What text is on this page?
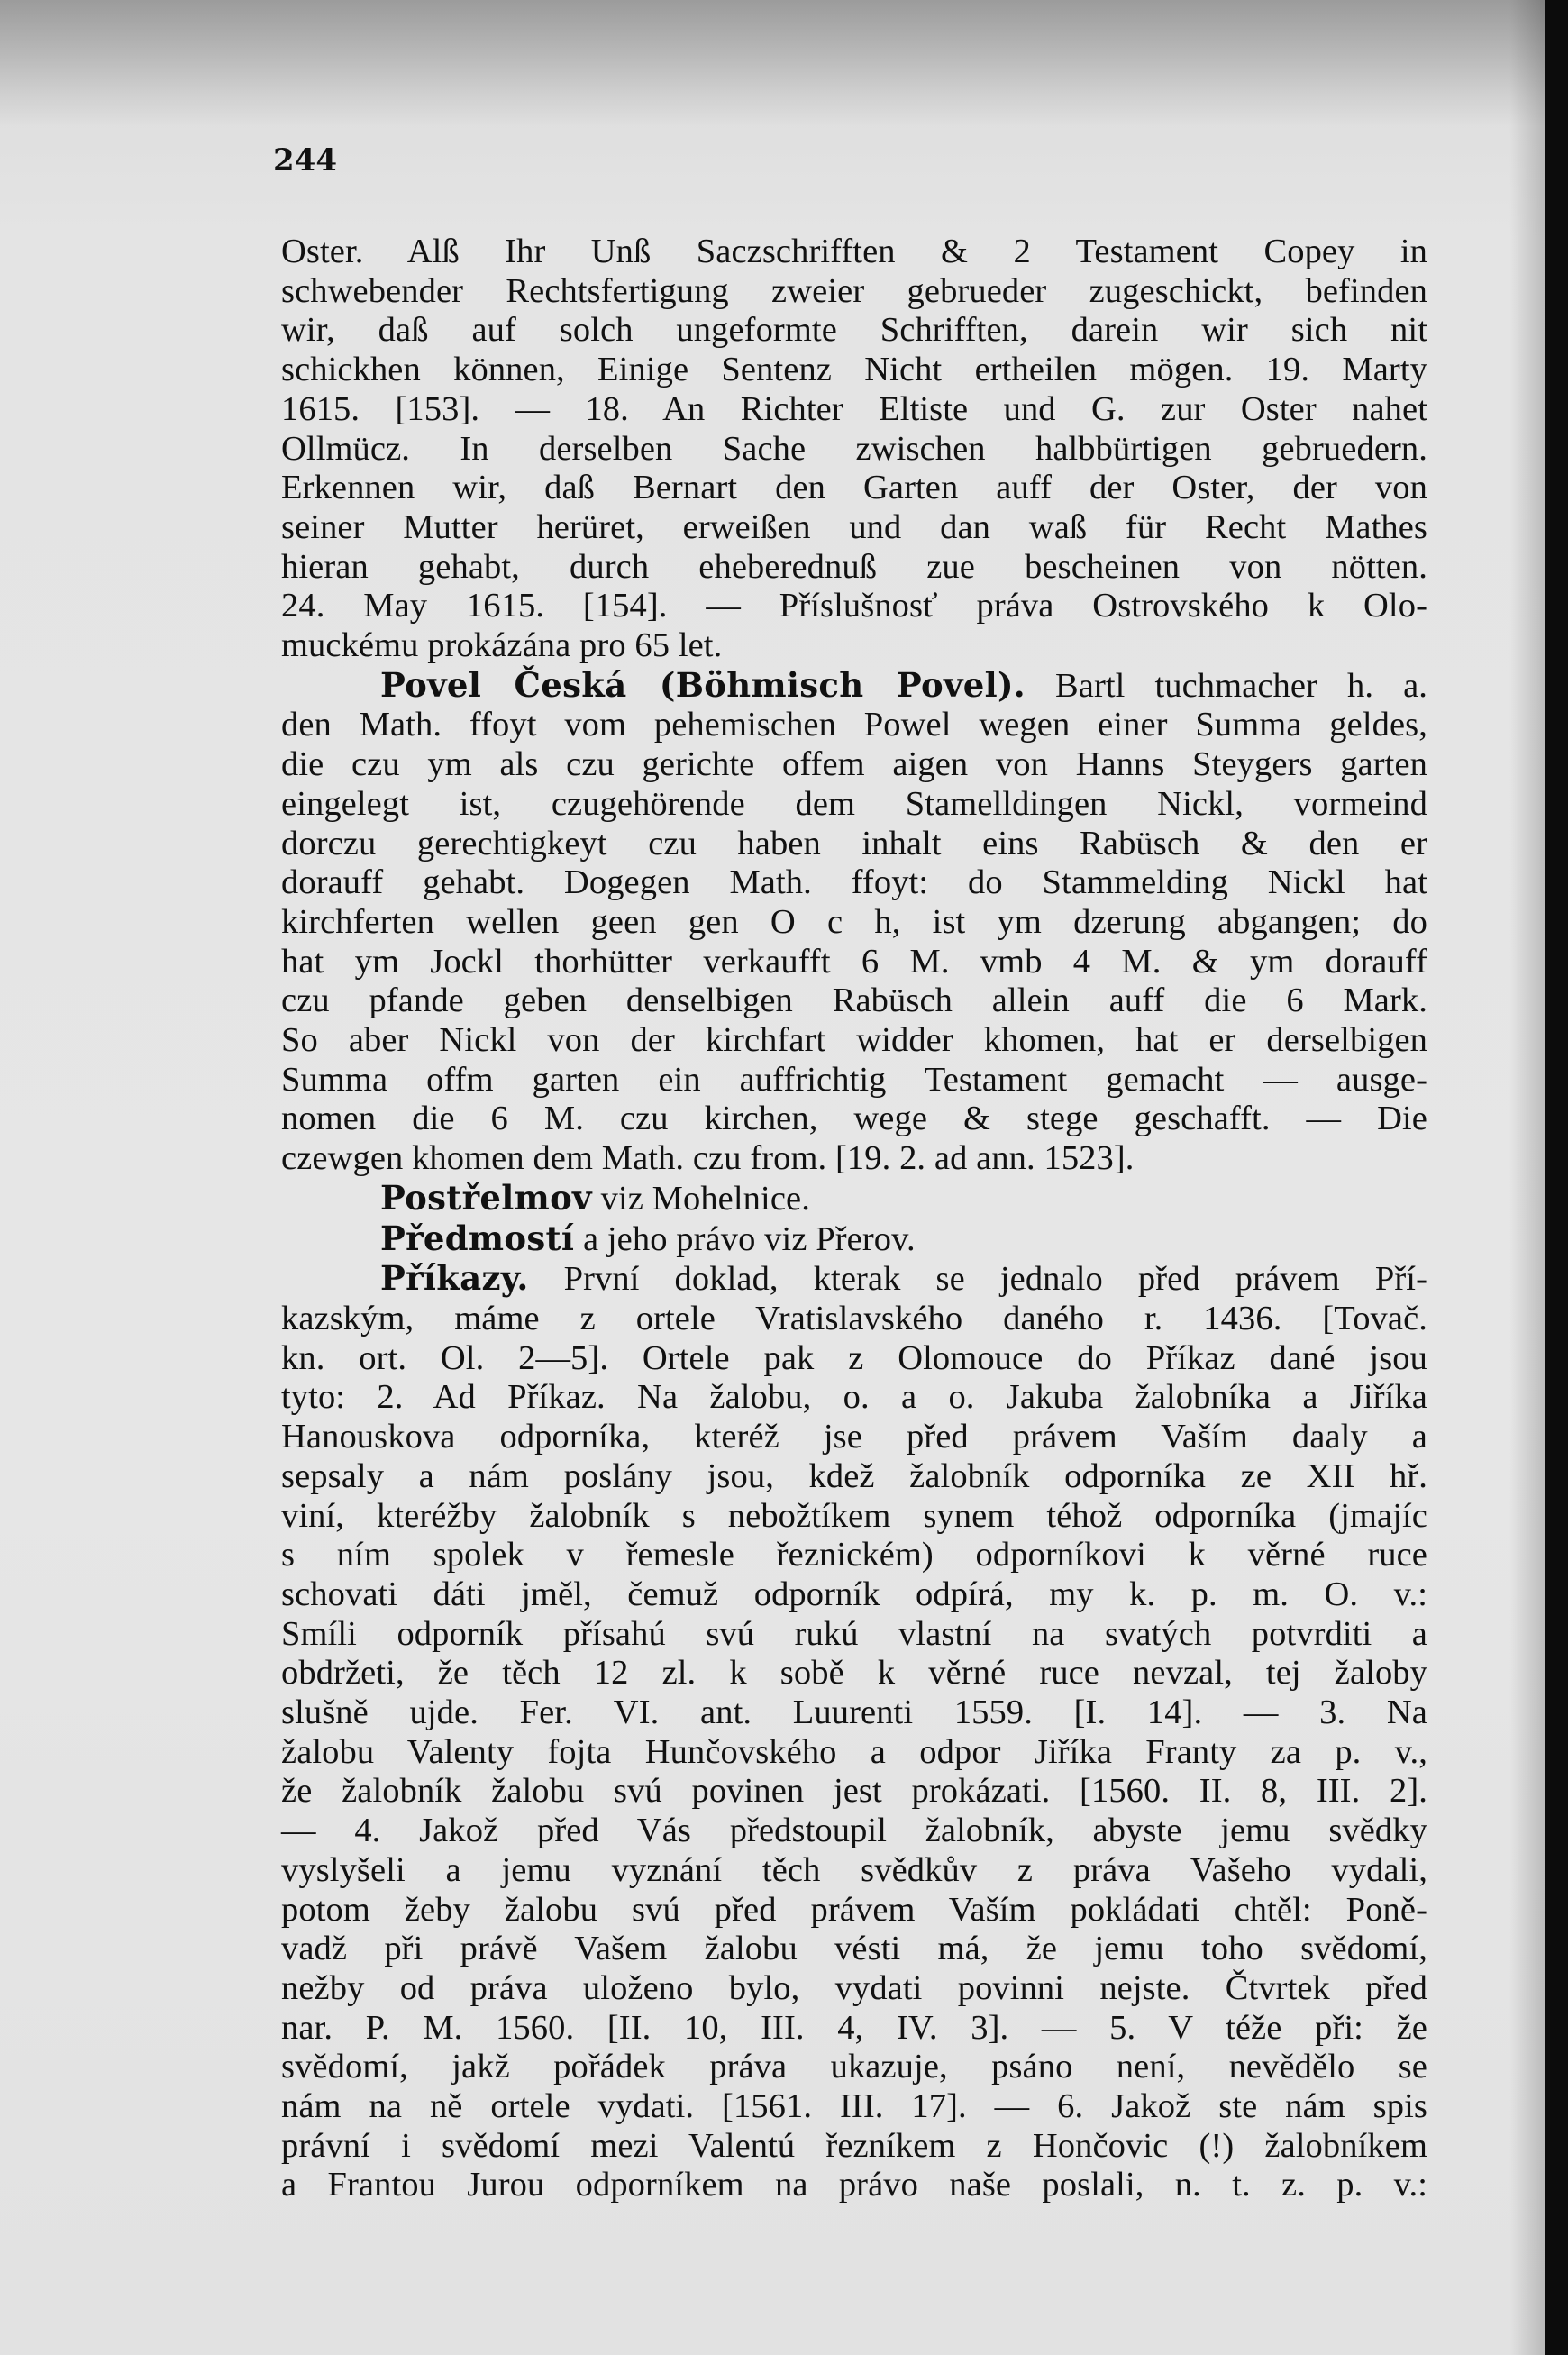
244
Oster. Alß Ihr Unß Saczschrifften & 2 Testament Copey in
schwebender Rechtsfertigung zweier gebrueder zugeschickt, befinden
wir, daß auf solch ungeformte Schrifften, darein wir sich nit
schickhen können, Einige Sentenz Nicht ertheilen mögen. 19. Marty
1615. [153]. — 18. An Richter Eltiste und G. zur Oster nahet
Ollmücz. In derselben Sache zwischen halbbürtigen gebruedern.
Erkennen wir, daß Bernart den Garten auff der Oster, der von
seiner Mutter herüret, erweißen und dan waß für Recht Mathes
hieran gehabt, durch eheberednuß zue bescheinen von nötten.
24. May 1615. [154]. — Příslušnosť práva Ostrovského k Olo-
muckému prokázána pro 65 let.
Povel Česká (Böhmisch Povel). Bartl tuchmacher h. a.
den Math. ffoyt vom pehemischen Powel wegen einer Summa geldes,
die czu ym als czu gerichte offem aigen von Hanns Steygers garten
eingelegt ist, czugehörende dem Stamelldingen Nickl, vormeind
dorczu gerechtigkeyt czu haben inhalt eins Rabüsch & den er
dorauff gehabt. Dogegen Math. ffoyt: do Stammelding Nickl hat
kirchferten wellen geen gen O c h, ist ym dzerung abgangen; do
hat ym Jockl thorhütter verkaufft 6 M. vmb 4 M. & ym dorauff
czu pfande geben denselbigen Rabüsch allein auff die 6 Mark.
So aber Nickl von der kirchfart widder khomen, hat er derselbigen
Summa offm garten ein auffrichtig Testament gemacht — ausge-
nomen die 6 M. czu kirchen, wege & stege geschafft. — Die
czewgen khomen dem Math. czu from. [19. 2. ad ann. 1523].
Postřelmov viz Mohelnice.
Předmostí a jeho právo viz Přerov.
Příkazy. První doklad, kterak se jednalo před právem Pří-
kazským, máme z ortele Vratislavského daného r. 1436. [Tovač.
kn. ort. Ol. 2—5]. Ortele pak z Olomouce do Příkaz dané jsou
tyto: 2. Ad Příkaz. Na žalobu, o. a o. Jakuba žalobníka a Jiříka
Hanouskova odporníka, kteréž jse před právem Vaším daaly a
sepsaly a nám poslány jsou, kdež žalobník odporníka ze XII hř.
viní, kteréžby žalobník s nebožtíkem synem téhož odporníka (jmajíc
s ním spolek v řemesle řeznickém) odporníkovi k věrné ruce
schovati dáti jměl, čemuž odporník odpírá, my k. p. m. O. v.:
Smíli odporník přísahú svú rukú vlastní na svatých potvrditi a
obdržeti, že těch 12 zl. k sobě k věrné ruce nevzal, tej žaloby
slušně ujde. Fer. VI. ant. Luurenti 1559. [I. 14]. — 3. Na
žalobu Valenty fojta Hunčovského a odpor Jiříka Franty za p. v.,
že žalobník žalobu svú povinen jest prokázati. [1560. II. 8, III. 2].
— 4. Jakož před Vás předstoupil žalobník, abyste jemu svědky
vyslyšeli a jemu vyznání těch svědkův z práva Vašeho vydali,
potom žeby žalobu svú před právem Vaším pokládati chtěl: Poně-
vadž při právě Vašem žalobu vésti má, že jemu toho svědomí,
nežby od práva uloženo bylo, vydati povinni nejste. Čtvrtek před
nar. P. M. 1560. [II. 10, III. 4, IV. 3]. — 5. V téže při: že
svědomí, jakž pořádek práva ukazuje, psáno není, nevědělo se
nám na ně ortele vydati. [1561. III. 17]. — 6. Jakož ste nám spis
právní i svědomí mezi Valentú řezníkem z Hončovic (!) žalobníkem
a Frantou Jurou odporníkem na právo naše poslali, n. t. z. p. v.:
